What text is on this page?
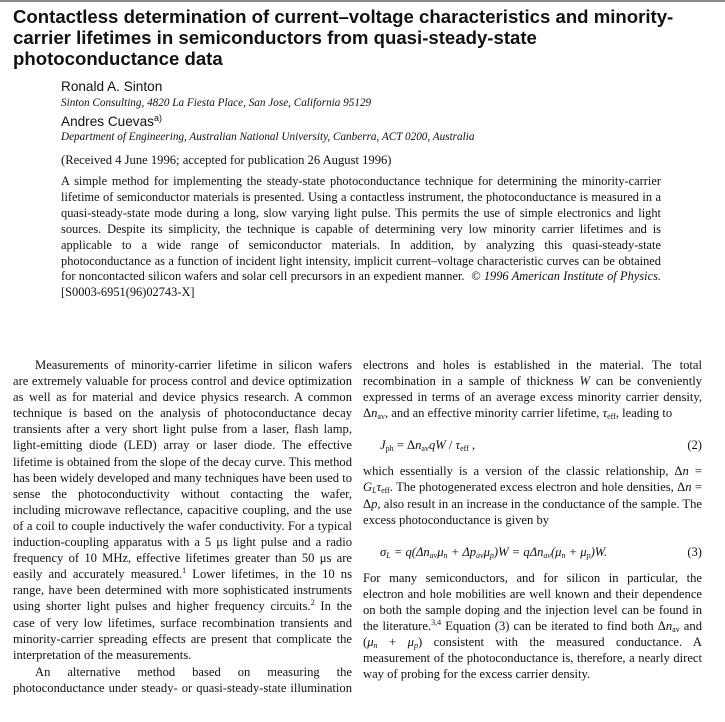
Contactless determination of current–voltage characteristics and minority-
carrier lifetimes in semiconductors from quasi-steady-state
photoconductance data
Ronald A. Sinton
Sinton Consulting, 4820 La Fiesta Place, San Jose, California 95129
Andres Cuevas$^{a)}$
Department of Engineering, Australian National University, Canberra, ACT 0200, Australia
(Received 4 June 1996; accepted for publication 26 August 1996)

A simple method for implementing the steady-state photoconductance technique for determining the minority-carrier lifetime of semiconductor materials is presented. Using a contactless instrument, the photoconductance is measured in a quasi-steady-state mode during a long, slow varying light pulse. This permits the use of simple electronics and light sources. Despite its simplicity, the technique is capable of determining very low minority carrier lifetimes and is applicable to a wide range of semiconductor materials. In addition, by analyzing this quasi-steady-state photoconductance as a function of incident light intensity, implicit current–voltage characteristic curves can be obtained for noncontacted silicon wafers and solar cell precursors in an expedient manner. © 1996 American Institute of Physics. [S0003-6951(96)02743-X]

Measurements of minority-carrier lifetime in silicon wafers are extremely valuable for process control and device optimization as well as for material and device physics research. A common technique is based on the analysis of photoconductance decay transients after a very short light pulse from a laser, flash lamp, light-emitting diode (LED) array or laser diode. The effective lifetime is obtained from the slope of the decay curve. This method has been widely developed and many techniques have been used to sense the photoconductivity without contacting the wafer, including microwave reflectance, capacitive coupling, and the use of a coil to couple inductively the wafer conductivity. For a typical induction-coupling apparatus with a 5 μs light pulse and a radio frequency of 10 MHz, effective lifetimes greater than 50 μs are easily and accurately measured.$^1$ Lower lifetimes, in the 10 ns range, have been determined with more sophisticated instruments using shorter light pulses and higher frequency circuits.$^2$ In the case of very low lifetimes, surface recombination transients and minority-carrier spreading effects are present that complicate the interpretation of the measurements.

An alternative method based on measuring the photoconductance under steady- or quasi-steady-state illumination

electrons and holes is established in the material. The total recombination in a sample of thickness W can be conveniently expressed in terms of an average excess minority carrier density, $\Delta n_{av}$, and an effective minority carrier lifetime, $\tau_{eff}$, leading to

$J_{ph} = \Delta n_{av}qW / \tau_{eff}$ ,	(2)

which essentially is a version of the classic relationship, $\Delta n = G_L\tau_{eff}$. The photogenerated excess electron and hole densities, Δn = Δp, also result in an increase in the conductance of the sample. The excess photoconductance is given by

$\sigma_L = q(\Delta n_{av}\mu_n + \Delta p_{av}\mu_p)W = q\Delta n_{av}(\mu_n + \mu_p)W$.	(3)

For many semiconductors, and for silicon in particular, the electron and hole mobilities are well known and their dependence on both the sample doping and the injection level can be found in the literature.$^{3,4}$ Equation (3) can be iterated to find both $\Delta n_{av}$ and $(\mu_n + \mu_p)$ consistent with the measured conductance. A measurement of the photoconductance is, therefore, a nearly direct way of probing for the excess carrier density.
